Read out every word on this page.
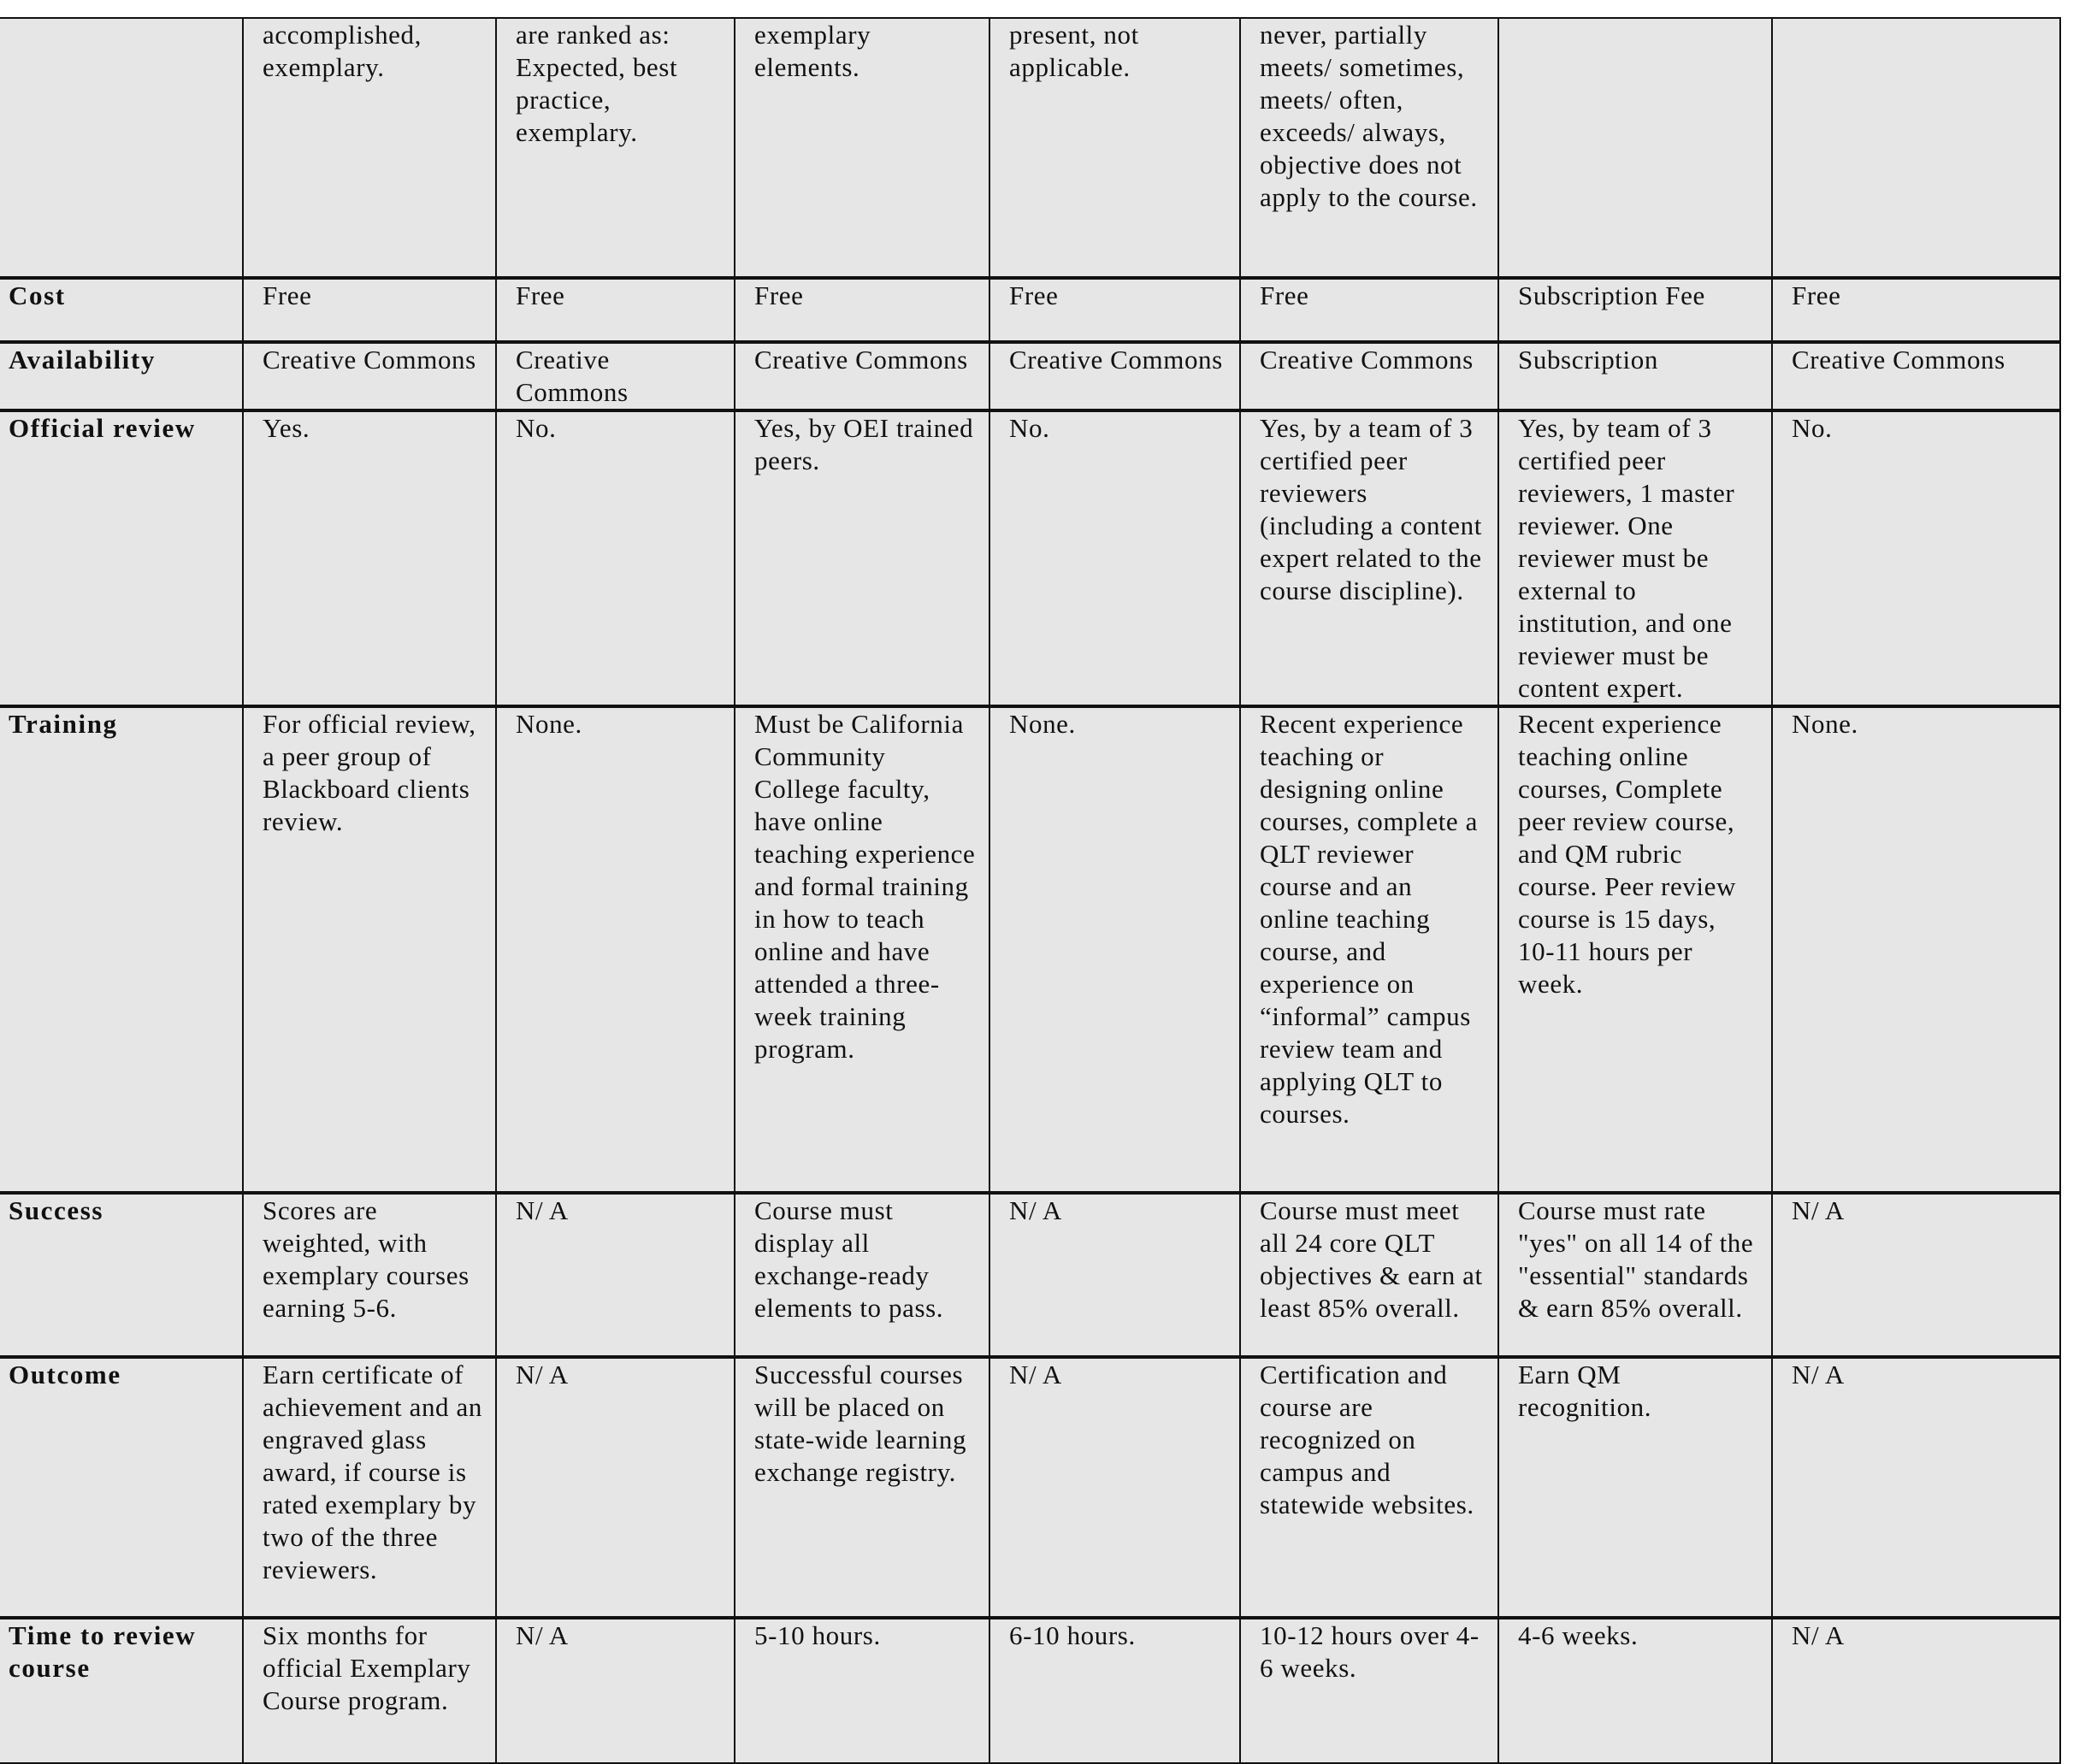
	accomplished, exemplary.	are ranked as: Expected, best practice, exemplary.	exemplary elements.	present, not applicable.	never, partially meets/ sometimes, meets/ often, exceeds/ always, objective does not apply to the course.		
Cost	Free	Free	Free	Free	Free	Subscription Fee	Free
Availability	Creative Commons	Creative Commons	Creative Commons	Creative Commons	Creative Commons	Subscription	Creative Commons
Official review	Yes.	No.	Yes, by OEI trained peers.	No.	Yes, by a team of 3 certified peer reviewers (including a content expert related to the course discipline).	Yes, by team of 3 certified peer reviewers, 1 master reviewer. One reviewer must be external to institution, and one reviewer must be content expert.	No.
Training	For official review, a peer group of Blackboard clients review.	None.	Must be California Community College faculty, have online teaching experience and formal training in how to teach online and have attended a three-week training program.	None.	Recent experience teaching or designing online courses, complete a QLT reviewer course and an online teaching course, and experience on “informal” campus review team and applying QLT to courses.	Recent experience teaching online courses, Complete peer review course, and QM rubric course. Peer review course is 15 days, 10-11 hours per week.	None.
Success	Scores are weighted, with exemplary courses earning 5-6.	N/ A	Course must display all exchange-ready elements to pass.	N/ A	Course must meet all 24 core QLT objectives & earn at least 85% overall.	Course must rate "yes" on all 14 of the "essential" standards & earn 85% overall.	N/ A
Outcome	Earn certificate of achievement and an engraved glass award, if course is rated exemplary by two of the three reviewers.	N/ A	Successful courses will be placed on state-wide learning exchange registry.	N/ A	Certification and course are recognized on campus and statewide websites.	Earn QM recognition.	N/ A
Time to review course	Six months for official Exemplary Course program.	N/ A	5-10 hours.	6-10 hours.	10-12 hours over 4-6 weeks.	4-6 weeks.	N/ A
